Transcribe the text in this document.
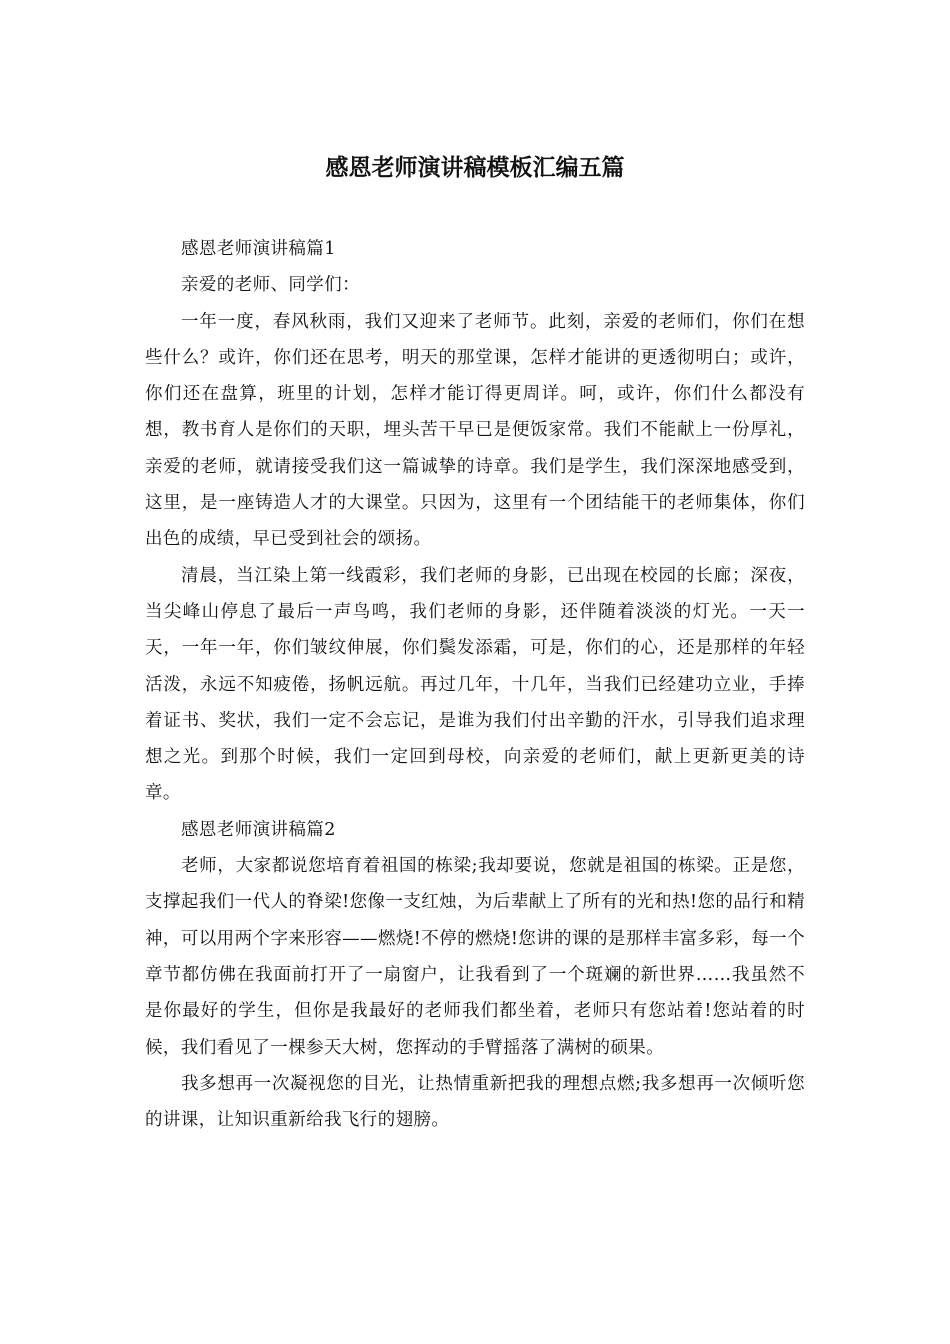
感恩老师演讲稿模板汇编五篇

感恩老师演讲稿篇1

亲爱的老师、同学们：

一年一度，春风秋雨，我们又迎来了老师节。此刻，亲爱的老师们，你们在想些什么？或许，你们还在思考，明天的那堂课，怎样才能讲的更透彻明白；或许，你们还在盘算，班里的计划，怎样才能订得更周详。呵，或许，你们什么都没有想，教书育人是你们的天职，埋头苦干早已是便饭家常。我们不能献上一份厚礼，亲爱的老师，就请接受我们这一篇诚挚的诗章。我们是学生，我们深深地感受到，这里，是一座铸造人才的大课堂。只因为，这里有一个团结能干的老师集体，你们出色的成绩，早已受到社会的颂扬。

清晨，当江染上第一线霞彩，我们老师的身影，已出现在校园的长廊；深夜，当尖峰山停息了最后一声鸟鸣，我们老师的身影，还伴随着淡淡的灯光。一天一天，一年一年，你们皱纹伸展，你们鬓发添霜，可是，你们的心，还是那样的年轻活泼，永远不知疲倦，扬帆远航。再过几年，十几年，当我们已经建功立业，手捧着证书、奖状，我们一定不会忘记，是谁为我们付出辛勤的汗水，引导我们追求理想之光。到那个时候，我们一定回到母校，向亲爱的老师们，献上更新更美的诗章。

感恩老师演讲稿篇2

老师，大家都说您培育着祖国的栋梁;我却要说，您就是祖国的栋梁。正是您，支撑起我们一代人的脊梁!您像一支红烛，为后辈献上了所有的光和热!您的品行和精神，可以用两个字来形容——燃烧!不停的燃烧!您讲的课的是那样丰富多彩，每一个章节都仿佛在我面前打开了一扇窗户，让我看到了一个斑斓的新世界……我虽然不是你最好的学生，但你是我最好的老师我们都坐着，老师只有您站着!您站着的时候，我们看见了一棵参天大树，您挥动的手臂摇落了满树的硕果。

我多想再一次凝视您的目光，让热情重新把我的理想点燃;我多想再一次倾听您的讲课，让知识重新给我飞行的翅膀。
